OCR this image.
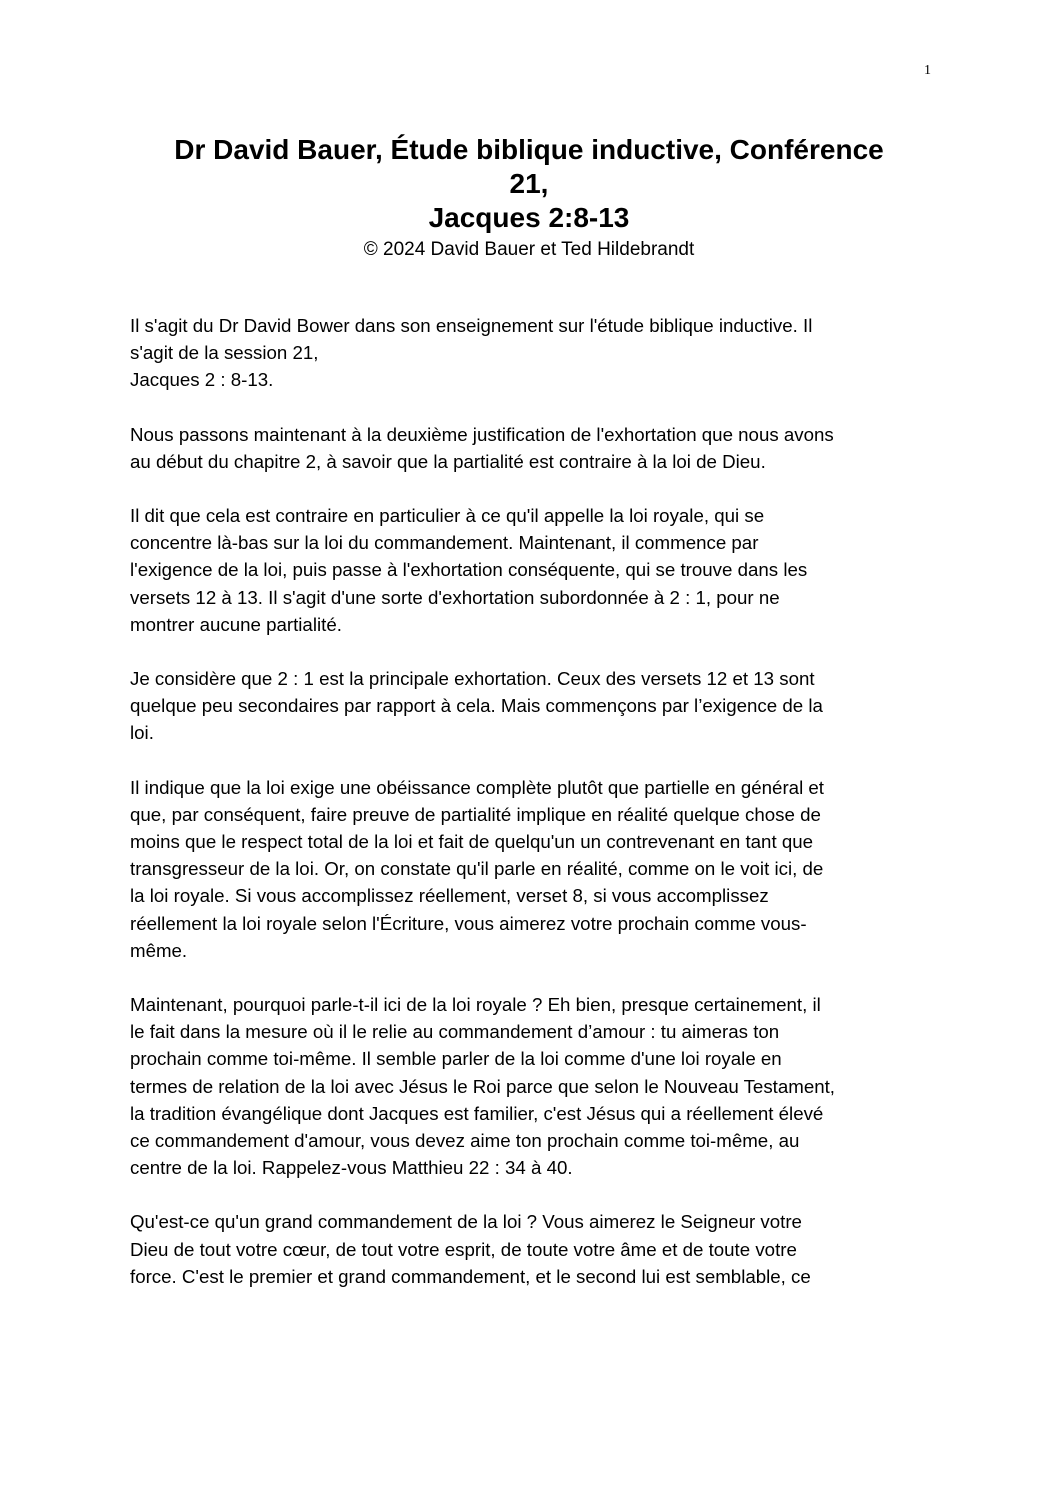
1
Dr David Bauer, Étude biblique inductive, Conférence
21,
Jacques 2:8-13
© 2024 David Bauer et Ted Hildebrandt

Il s'agit du Dr David Bower dans son enseignement sur l'étude biblique inductive. Il
s'agit de la session 21,
Jacques 2 : 8-13.

Nous passons maintenant à la deuxième justification de l'exhortation que nous avons
au début du chapitre 2, à savoir que la partialité est contraire à la loi de Dieu.

Il dit que cela est contraire en particulier à ce qu'il appelle la loi royale, qui se
concentre là-bas sur la loi du commandement. Maintenant, il commence par
l'exigence de la loi, puis passe à l'exhortation conséquente, qui se trouve dans les
versets 12 à 13. Il s'agit d'une sorte d'exhortation subordonnée à 2 : 1, pour ne
montrer aucune partialité.

Je considère que 2 : 1 est la principale exhortation. Ceux des versets 12 et 13 sont
quelque peu secondaires par rapport à cela. Mais commençons par l’exigence de la
loi.

Il indique que la loi exige une obéissance complète plutôt que partielle en général et
que, par conséquent, faire preuve de partialité implique en réalité quelque chose de
moins que le respect total de la loi et fait de quelqu'un un contrevenant en tant que
transgresseur de la loi. Or, on constate qu'il parle en réalité, comme on le voit ici, de
la loi royale. Si vous accomplissez réellement, verset 8, si vous accomplissez
réellement la loi royale selon l'Écriture, vous aimerez votre prochain comme vous-
même.

Maintenant, pourquoi parle-t-il ici de la loi royale ? Eh bien, presque certainement, il
le fait dans la mesure où il le relie au commandement d’amour : tu aimeras ton
prochain comme toi-même. Il semble parler de la loi comme d'une loi royale en
termes de relation de la loi avec Jésus le Roi parce que selon le Nouveau Testament,
la tradition évangélique dont Jacques est familier, c'est Jésus qui a réellement élevé
ce commandement d'amour, vous devez aime ton prochain comme toi-même, au
centre de la loi. Rappelez-vous Matthieu 22 : 34 à 40.

Qu'est-ce qu'un grand commandement de la loi ? Vous aimerez le Seigneur votre
Dieu de tout votre cœur, de tout votre esprit, de toute votre âme et de toute votre
force. C'est le premier et grand commandement, et le second lui est semblable, ce
